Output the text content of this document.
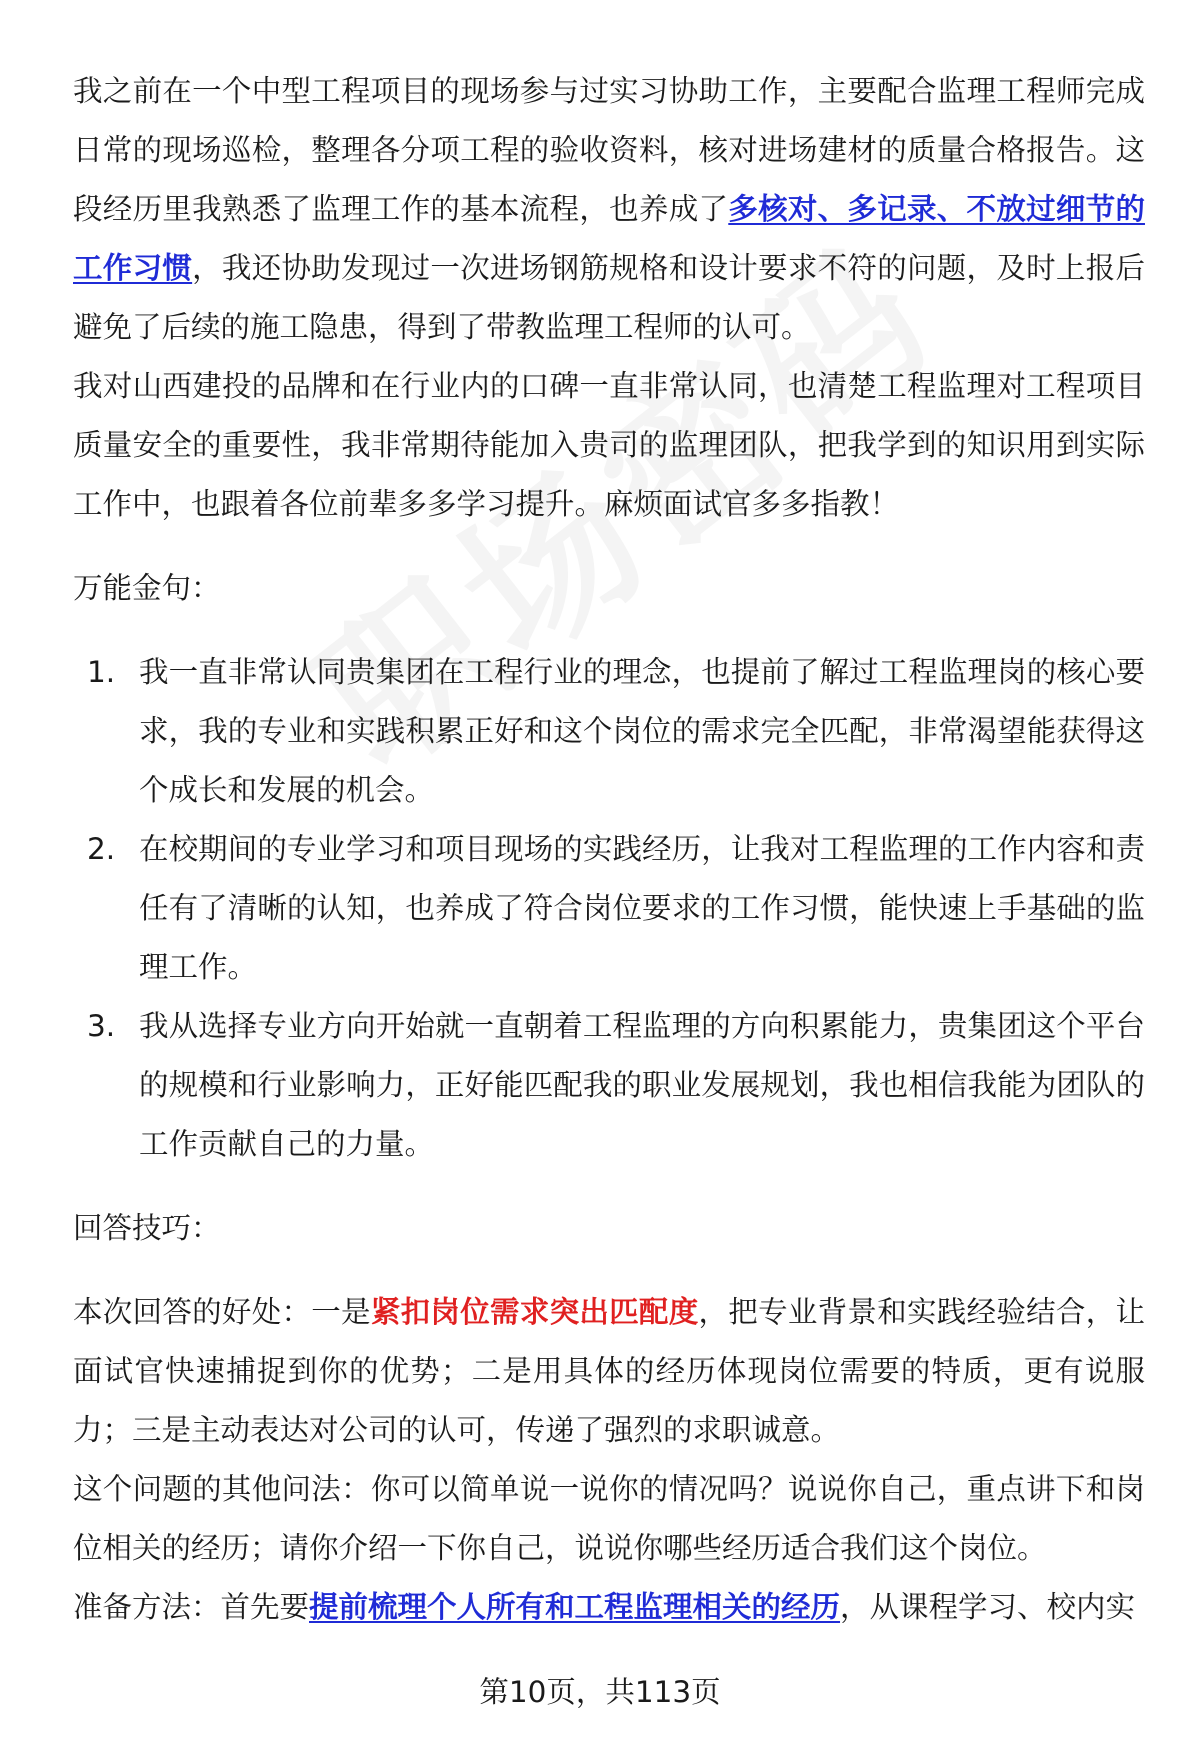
我之前在一个中型工程项目的现场参与过实习协助工作，主要配合监理工程师完成日常的现场巡检，整理各分项工程的验收资料，核对进场建材的质量合格报告。这段经历里我熟悉了监理工作的基本流程，也养成了多核对、多记录、不放过细节的工作习惯，我还协助发现过一次进场钢筋规格和设计要求不符的问题，及时上报后避免了后续的施工隐患，得到了带教监理工程师的认可。

我对山西建投的品牌和在行业内的口碑一直非常认同，也清楚工程监理对工程项目质量安全的重要性，我非常期待能加入贵司的监理团队，把我学到的知识用到实际工作中，也跟着各位前辈多多学习提升。麻烦面试官多多指教！

万能金句：

1. 我一直非常认同贵集团在工程行业的理念，也提前了解过工程监理岗的核心要求，我的专业和实践积累正好和这个岗位的需求完全匹配，非常渴望能获得这个成长和发展的机会。
2. 在校期间的专业学习和项目现场的实践经历，让我对工程监理的工作内容和责任有了清晰的认知，也养成了符合岗位要求的工作习惯，能快速上手基础的监理工作。
3. 我从选择专业方向开始就一直朝着工程监理的方向积累能力，贵集团这个平台的规模和行业影响力，正好能匹配我的职业发展规划，我也相信我能为团队的工作贡献自己的力量。

回答技巧：

本次回答的好处：一是紧扣岗位需求突出匹配度，把专业背景和实践经验结合，让面试官快速捕捉到你的优势；二是用具体的经历体现岗位需要的特质，更有说服力；三是主动表达对公司的认可，传递了强烈的求职诚意。

这个问题的其他问法：你可以简单说一说你的情况吗？说说你自己，重点讲下和岗位相关的经历；请你介绍一下你自己，说说你哪些经历适合我们这个岗位。

准备方法：首先要提前梳理个人所有和工程监理相关的经历，从课程学习、校内实

第10页，共113页
